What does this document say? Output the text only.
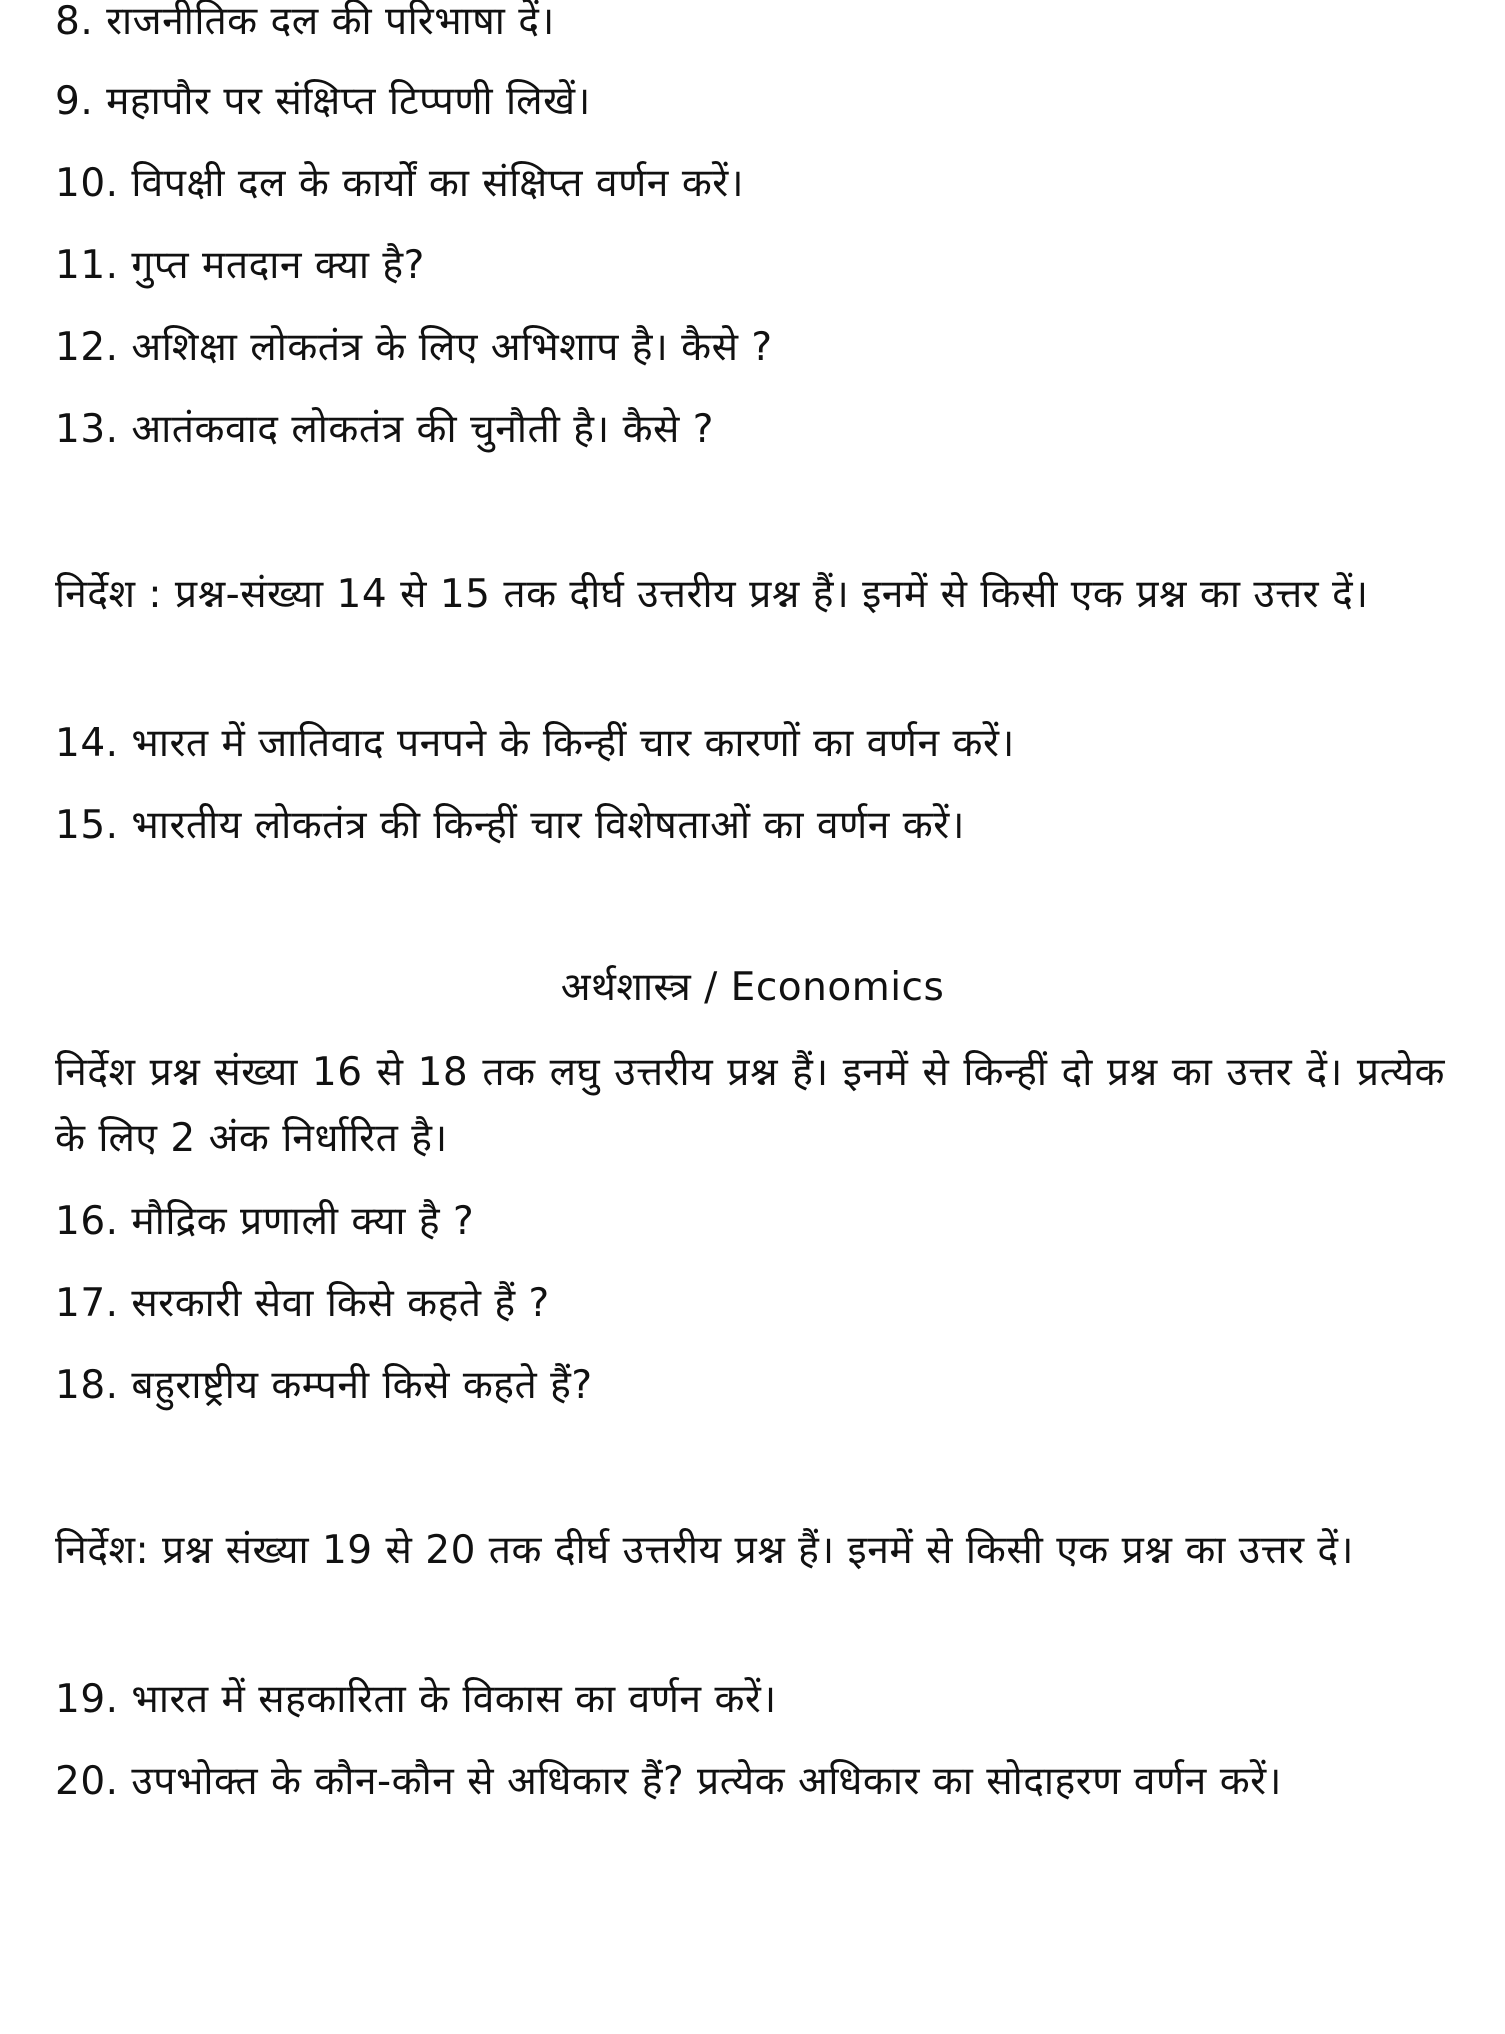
8. राजनीतिक दल की परिभाषा दें।
9. महापौर पर संक्षिप्त टिप्पणी लिखें।
10. विपक्षी दल के कार्यों का संक्षिप्त वर्णन करें।
11. गुप्त मतदान क्या है?
12. अशिक्षा लोकतंत्र के लिए अभिशाप है। कैसे ?
13. आतंकवाद लोकतंत्र की चुनौती है। कैसे ?
निर्देश : प्रश्न-संख्या 14 से 15 तक दीर्घ उत्तरीय प्रश्न हैं। इनमें से किसी एक प्रश्न का उत्तर दें।
14. भारत में जातिवाद पनपने के किन्हीं चार कारणों का वर्णन करें।
15. भारतीय लोकतंत्र की किन्हीं चार विशेषताओं का वर्णन करें।
अर्थशास्त्र / Economics
निर्देश प्रश्न संख्या 16 से 18 तक लघु उत्तरीय प्रश्न हैं। इनमें से किन्हीं दो प्रश्न का उत्तर दें। प्रत्येक के लिए 2 अंक निर्धारित है।
16. मौद्रिक प्रणाली क्या है ?
17. सरकारी सेवा किसे कहते हैं ?
18. बहुराष्ट्रीय कम्पनी किसे कहते हैं?
निर्देश: प्रश्न संख्या 19 से 20 तक दीर्घ उत्तरीय प्रश्न हैं। इनमें से किसी एक प्रश्न का उत्तर दें।
19. भारत में सहकारिता के विकास का वर्णन करें।
20. उपभोक्त के कौन-कौन से अधिकार हैं? प्रत्येक अधिकार का सोदाहरण वर्णन करें।
